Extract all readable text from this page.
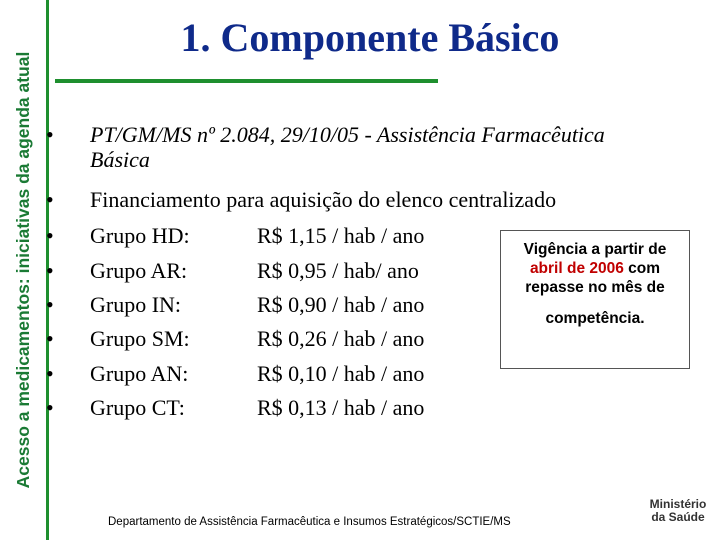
Acesso a medicamentos: iniciativas da agenda atual
1. Componente Básico
• PT/GM/MS nº 2.084, 29/10/05 - Assistência Farmacêutica
Básica
• Financiamento para aquisição do elenco centralizado
• Grupo HD:	R$ 1,15 / hab / ano
• Grupo AR:	R$ 0,95 / hab/ ano
• Grupo IN:	R$ 0,90 / hab / ano
• Grupo SM:	R$ 0,26 / hab / ano
• Grupo AN:	R$ 0,10 / hab / ano
• Grupo CT:	R$ 0,13 / hab / ano
Vigência a partir de
abril de 2006 com
repasse no mês de
competência.
Departamento de Assistência Farmacêutica e Insumos Estratégicos/SCTIE/MS
Ministério
da Saúde
